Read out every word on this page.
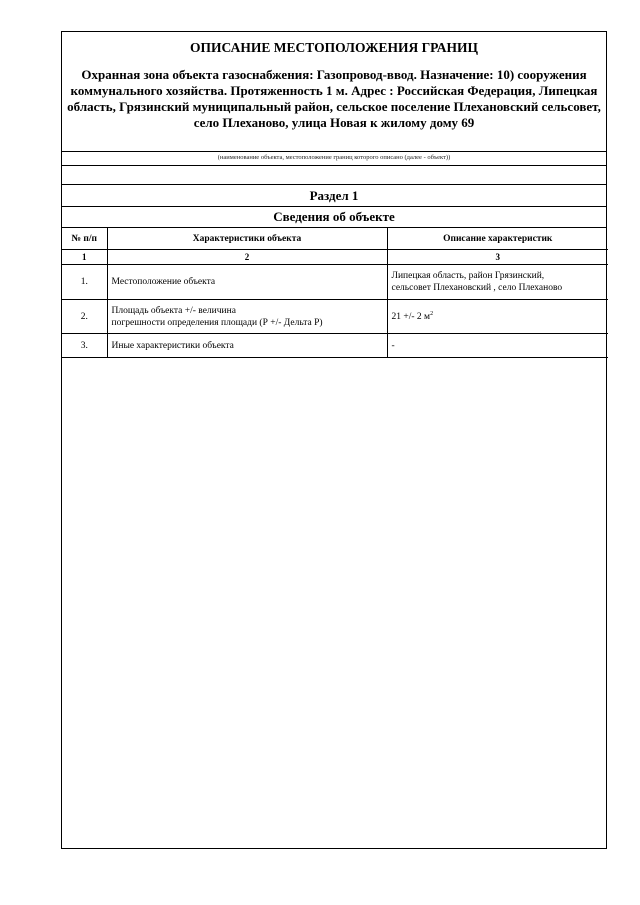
ОПИСАНИЕ МЕСТОПОЛОЖЕНИЯ ГРАНИЦ
Охранная зона объекта газоснабжения: Газопровод-ввод. Назначение: 10) сооружения коммунального хозяйства. Протяженность 1 м. Адрес : Российская Федерация, Липецкая область, Грязинский муниципальный район, сельское поселение Плехановский сельсовет, село Плеханово, улица Новая к жилому дому 69
(наименование объекта, местоположение границ которого описано (далее - объект))
Раздел 1
Сведения об объекте
№ п/п	Характеристики объекта	Описание характеристик
1	2	3
1.	Местоположение объекта	Липецкая область, район Грязинский,
сельсовет Плехановский , село Плеханово
2.	Площадь объекта +/- величина
погрешности определения площади (Р +/- Дельта Р)	21 +/- 2 $м^2$
3.	Иные характеристики объекта	-
